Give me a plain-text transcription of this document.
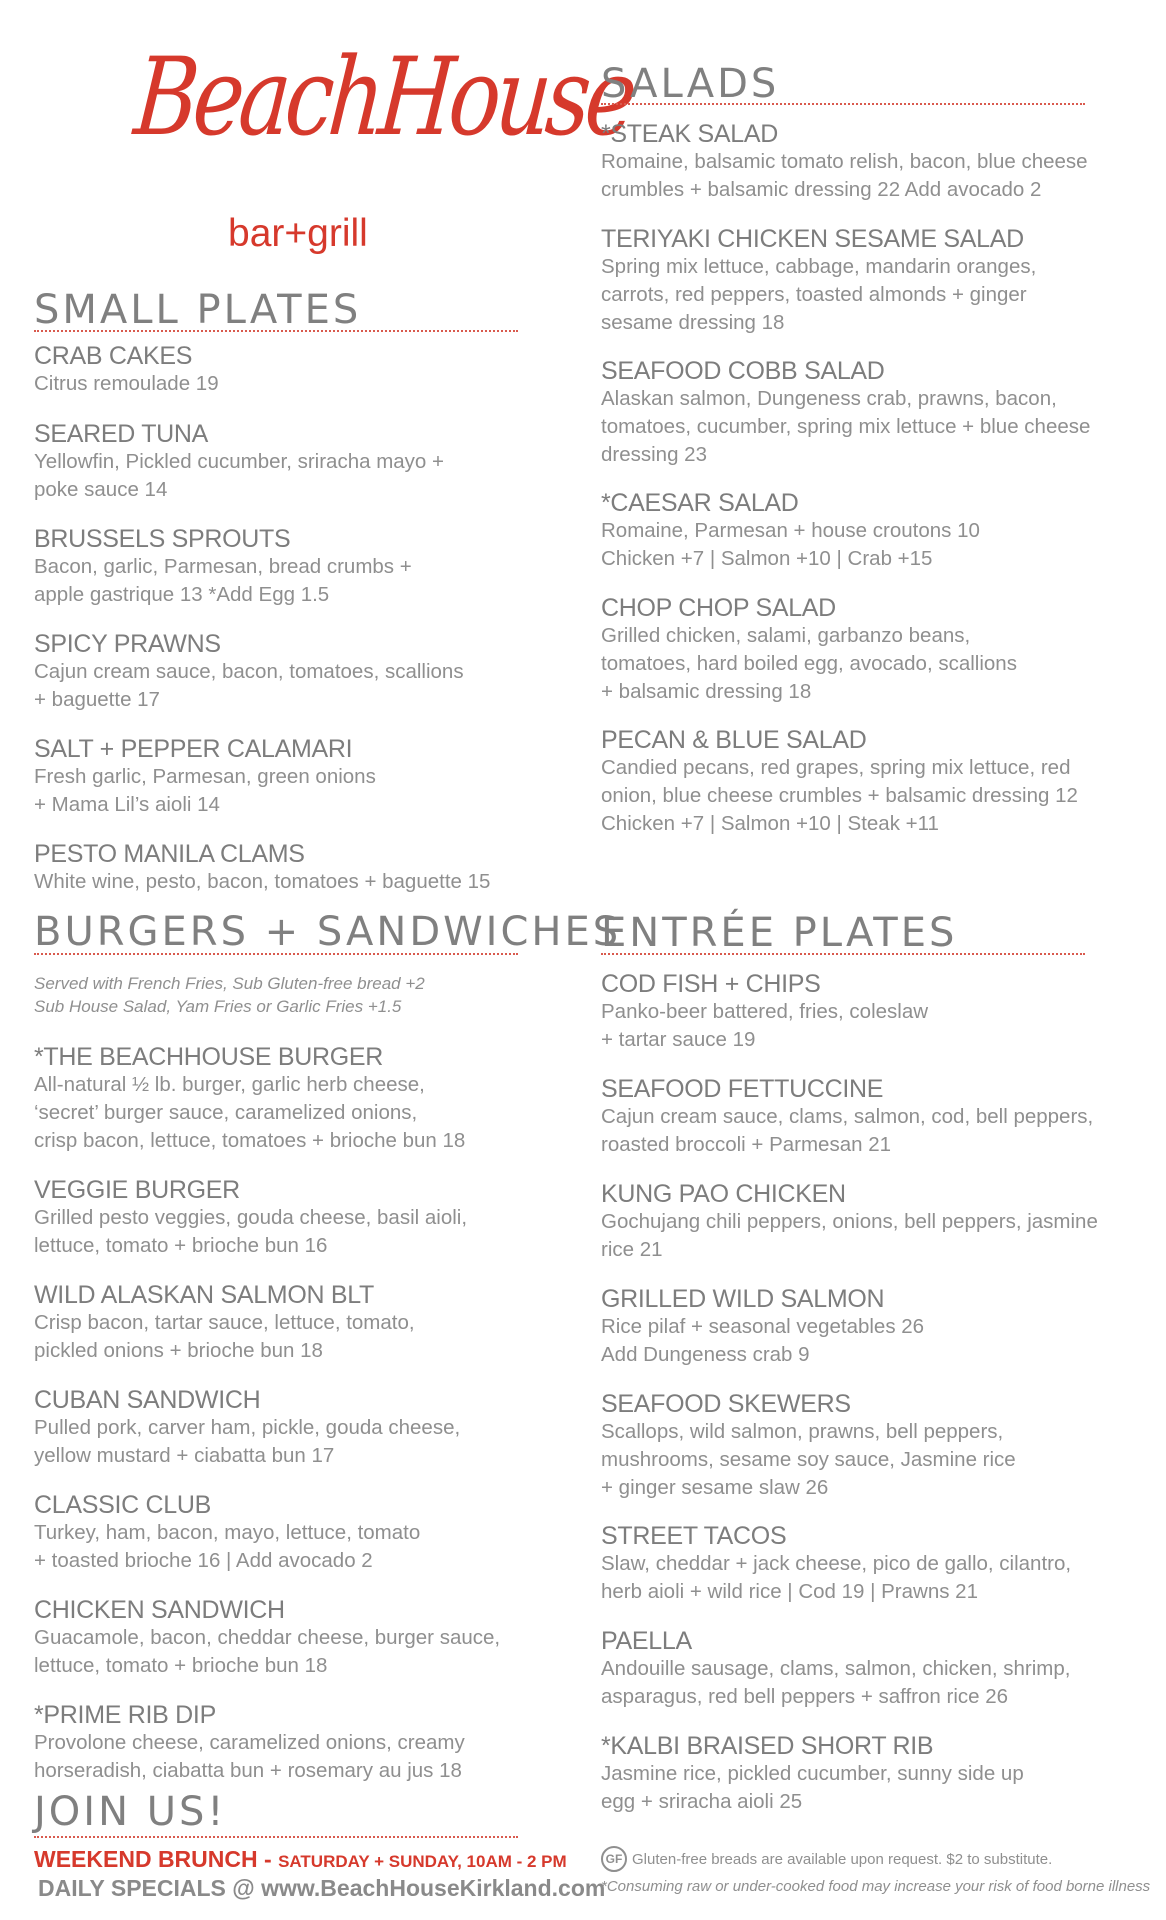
BeachHouse
bar+grill
SMALL PLATES
CRAB CAKES
Citrus remoulade 19
SEARED TUNA
Yellowfin, Pickled cucumber, sriracha mayo +
poke sauce 14
BRUSSELS SPROUTS
Bacon, garlic, Parmesan, bread crumbs +
apple gastrique 13 *Add Egg 1.5
SPICY PRAWNS
Cajun cream sauce, bacon, tomatoes, scallions
+ baguette 17
SALT + PEPPER CALAMARI
Fresh garlic, Parmesan, green onions
+ Mama Lil’s aioli 14
PESTO MANILA CLAMS
White wine, pesto, bacon, tomatoes + baguette 15
BURGERS + SANDWICHES
Served with French Fries, Sub Gluten-free bread +2
Sub House Salad, Yam Fries or Garlic Fries +1.5
*THE BEACHHOUSE BURGER
All-natural ½ lb. burger, garlic herb cheese,
‘secret’ burger sauce, caramelized onions,
crisp bacon, lettuce, tomatoes + brioche bun 18
VEGGIE BURGER
Grilled pesto veggies, gouda cheese, basil aioli,
lettuce, tomato + brioche bun 16
WILD ALASKAN SALMON BLT
Crisp bacon, tartar sauce, lettuce, tomato,
pickled onions + brioche bun 18
CUBAN SANDWICH
Pulled pork, carver ham, pickle, gouda cheese,
yellow mustard + ciabatta bun 17
CLASSIC CLUB
Turkey, ham, bacon, mayo, lettuce, tomato
+ toasted brioche 16 | Add avocado 2
CHICKEN SANDWICH
Guacamole, bacon, cheddar cheese, burger sauce,
lettuce, tomato + brioche bun 18
*PRIME RIB DIP
Provolone cheese, caramelized onions, creamy
horseradish, ciabatta bun + rosemary au jus 18
JOIN US!
WEEKEND BRUNCH - SATURDAY + SUNDAY, 10AM - 2 PM
DAILY SPECIALS @ www.BeachHouseKirkland.com
SALADS
*STEAK SALAD
Romaine, balsamic tomato relish, bacon, blue cheese
crumbles + balsamic dressing 22 Add avocado 2
TERIYAKI CHICKEN SESAME SALAD
Spring mix lettuce, cabbage, mandarin oranges,
carrots, red peppers, toasted almonds + ginger
sesame dressing 18
SEAFOOD COBB SALAD
Alaskan salmon, Dungeness crab, prawns, bacon,
tomatoes, cucumber, spring mix lettuce + blue cheese
dressing 23
*CAESAR SALAD
Romaine, Parmesan + house croutons 10
Chicken +7 | Salmon +10 | Crab +15
CHOP CHOP SALAD
Grilled chicken, salami, garbanzo beans,
tomatoes, hard boiled egg, avocado, scallions
+ balsamic dressing 18
PECAN & BLUE SALAD
Candied pecans, red grapes, spring mix lettuce, red
onion, blue cheese crumbles + balsamic dressing 12
Chicken +7 | Salmon +10 | Steak +11
ENTRÉE PLATES
COD FISH + CHIPS
Panko-beer battered, fries, coleslaw
+ tartar sauce 19
SEAFOOD FETTUCCINE
Cajun cream sauce, clams, salmon, cod, bell peppers,
roasted broccoli + Parmesan 21
KUNG PAO CHICKEN
Gochujang chili peppers, onions, bell peppers, jasmine
rice 21
GRILLED WILD SALMON
Rice pilaf + seasonal vegetables 26
Add Dungeness crab 9
SEAFOOD SKEWERS
Scallops, wild salmon, prawns, bell peppers,
mushrooms, sesame soy sauce, Jasmine rice
+ ginger sesame slaw 26
STREET TACOS
Slaw, cheddar + jack cheese, pico de gallo, cilantro,
herb aioli + wild rice | Cod 19 | Prawns 21
PAELLA
Andouille sausage, clams, salmon, chicken, shrimp,
asparagus, red bell peppers + saffron rice 26
*KALBI BRAISED SHORT RIB
Jasmine rice, pickled cucumber, sunny side up
egg + sriracha aioli 25
GF Gluten-free breads are available upon request. $2 to substitute.
*Consuming raw or under-cooked food may increase your risk of food borne illness
